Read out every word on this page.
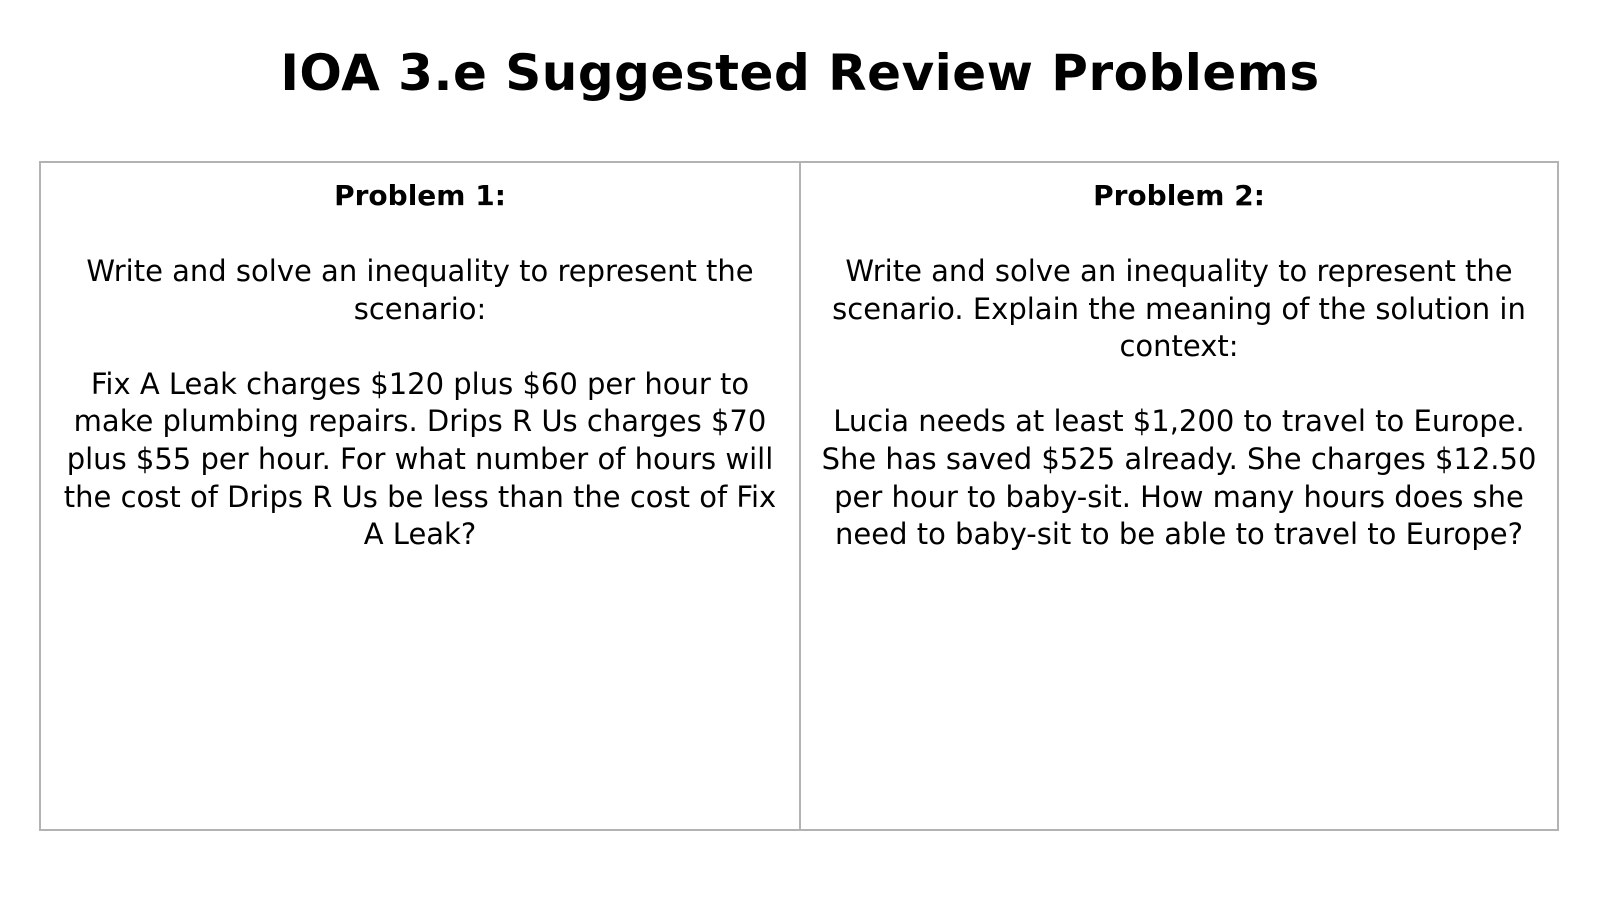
IOA 3.e Suggested Review Problems

Problem 1:

Write and solve an inequality to represent the scenario:

Fix A Leak charges $120 plus $60 per hour to make plumbing repairs. Drips R Us charges $70 plus $55 per hour. For what number of hours will the cost of Drips R Us be less than the cost of Fix A Leak?

Problem 2:

Write and solve an inequality to represent the scenario. Explain the meaning of the solution in context:

Lucia needs at least $1,200 to travel to Europe. She has saved $525 already. She charges $12.50 per hour to baby-sit. How many hours does she need to baby-sit to be able to travel to Europe?
